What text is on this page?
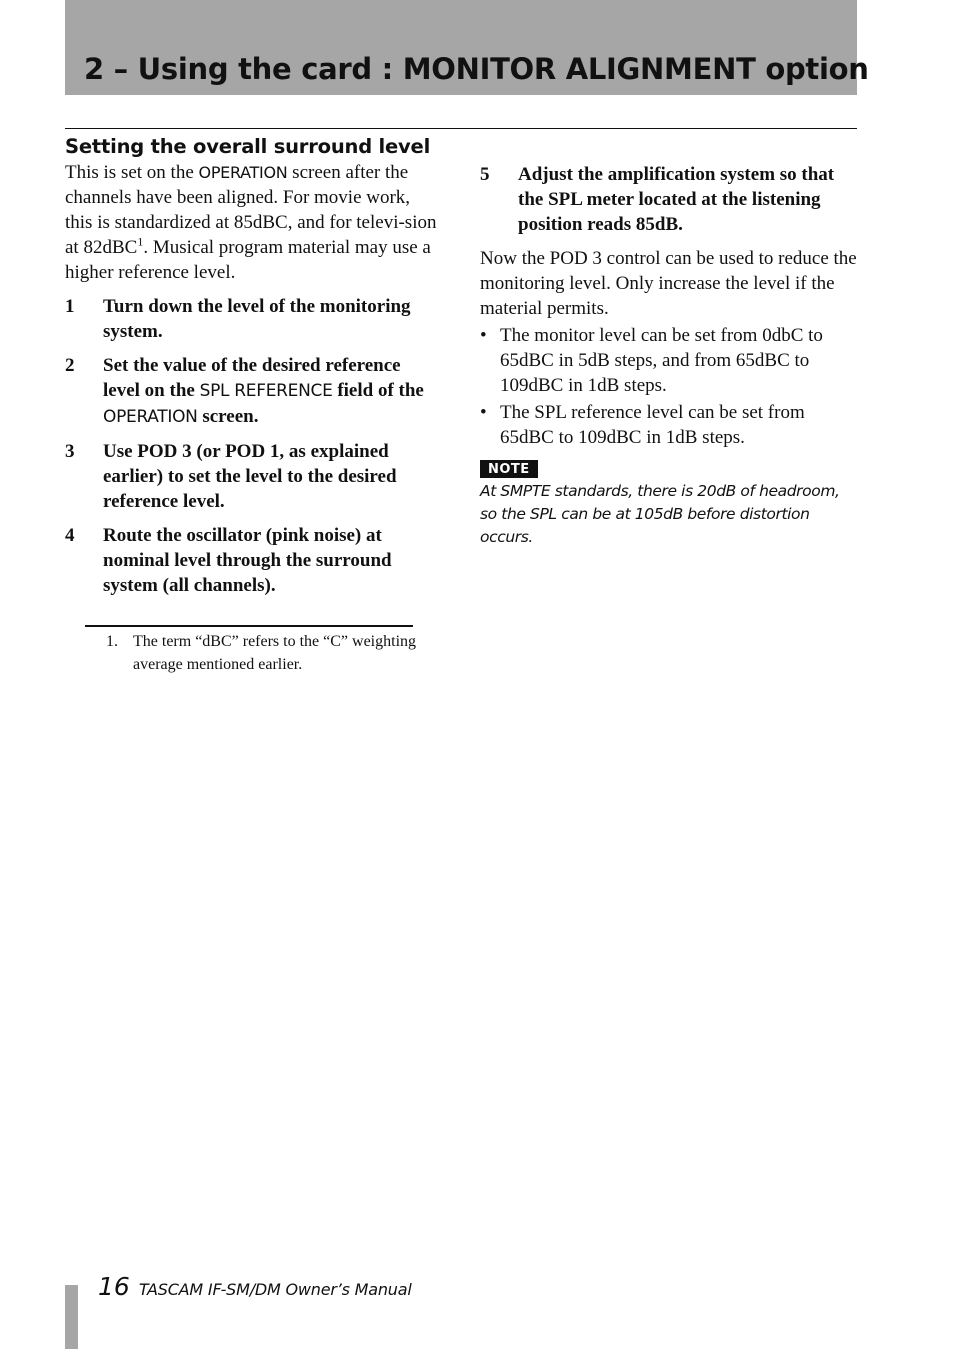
2 – Using the card : MONITOR ALIGNMENT option
Setting the overall surround level

This is set on the OPERATION screen after the channels have been aligned. For movie work, this is standardized at 85dBC, and for televi-sion at 82dBC$^1$. Musical program material may use a higher reference level.

1	Turn down the level of the monitoring system.
2	Set the value of the desired reference level on the SPL REFERENCE field of the OPERATION screen.
3	Use POD 3 (or POD 1, as explained earlier) to set the level to the desired reference level.
4	Route the oscillator (pink noise) at nominal level through the surround system (all channels).
1. The term “dBC” refers to the “C” weighting average mentioned earlier.
5	Adjust the amplification system so that the SPL meter located at the listening position reads 85dB.

Now the POD 3 control can be used to reduce the monitoring level. Only increase the level if the material permits.

• The monitor level can be set from 0dbC to 65dBC in 5dB steps, and from 65dBC to 109dBC in 1dB steps.
• The SPL reference level can be set from 65dBC to 109dBC in 1dB steps.
NOTE

At SMPTE standards, there is 20dB of headroom, so the SPL can be at 105dB before distortion occurs.

16 TASCAM IF-SM/DM Owner’s Manual
